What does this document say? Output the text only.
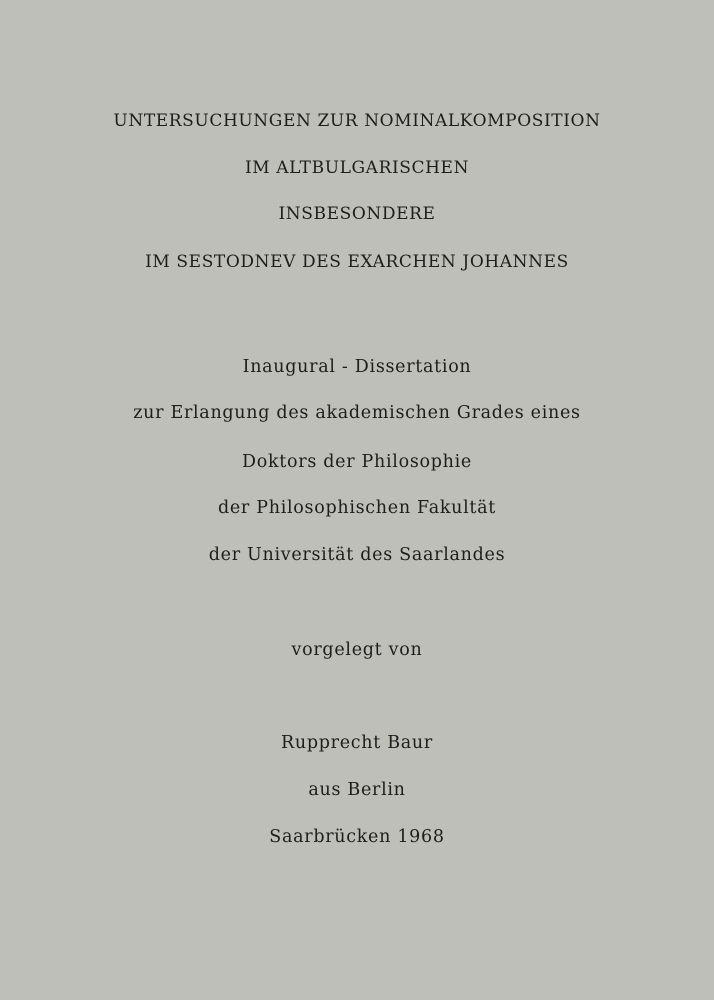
UNTERSUCHUNGEN ZUR NOMINALKOMPOSITION
IM ALTBULGARISCHEN
INSBESONDERE
IM SESTODNEV DES EXARCHEN JOHANNES
Inaugural - Dissertation
zur Erlangung des akademischen Grades eines
Doktors der Philosophie
der Philosophischen Fakultät
der Universität des Saarlandes
vorgelegt von
Rupprecht Baur
aus Berlin
Saarbrücken 1968
